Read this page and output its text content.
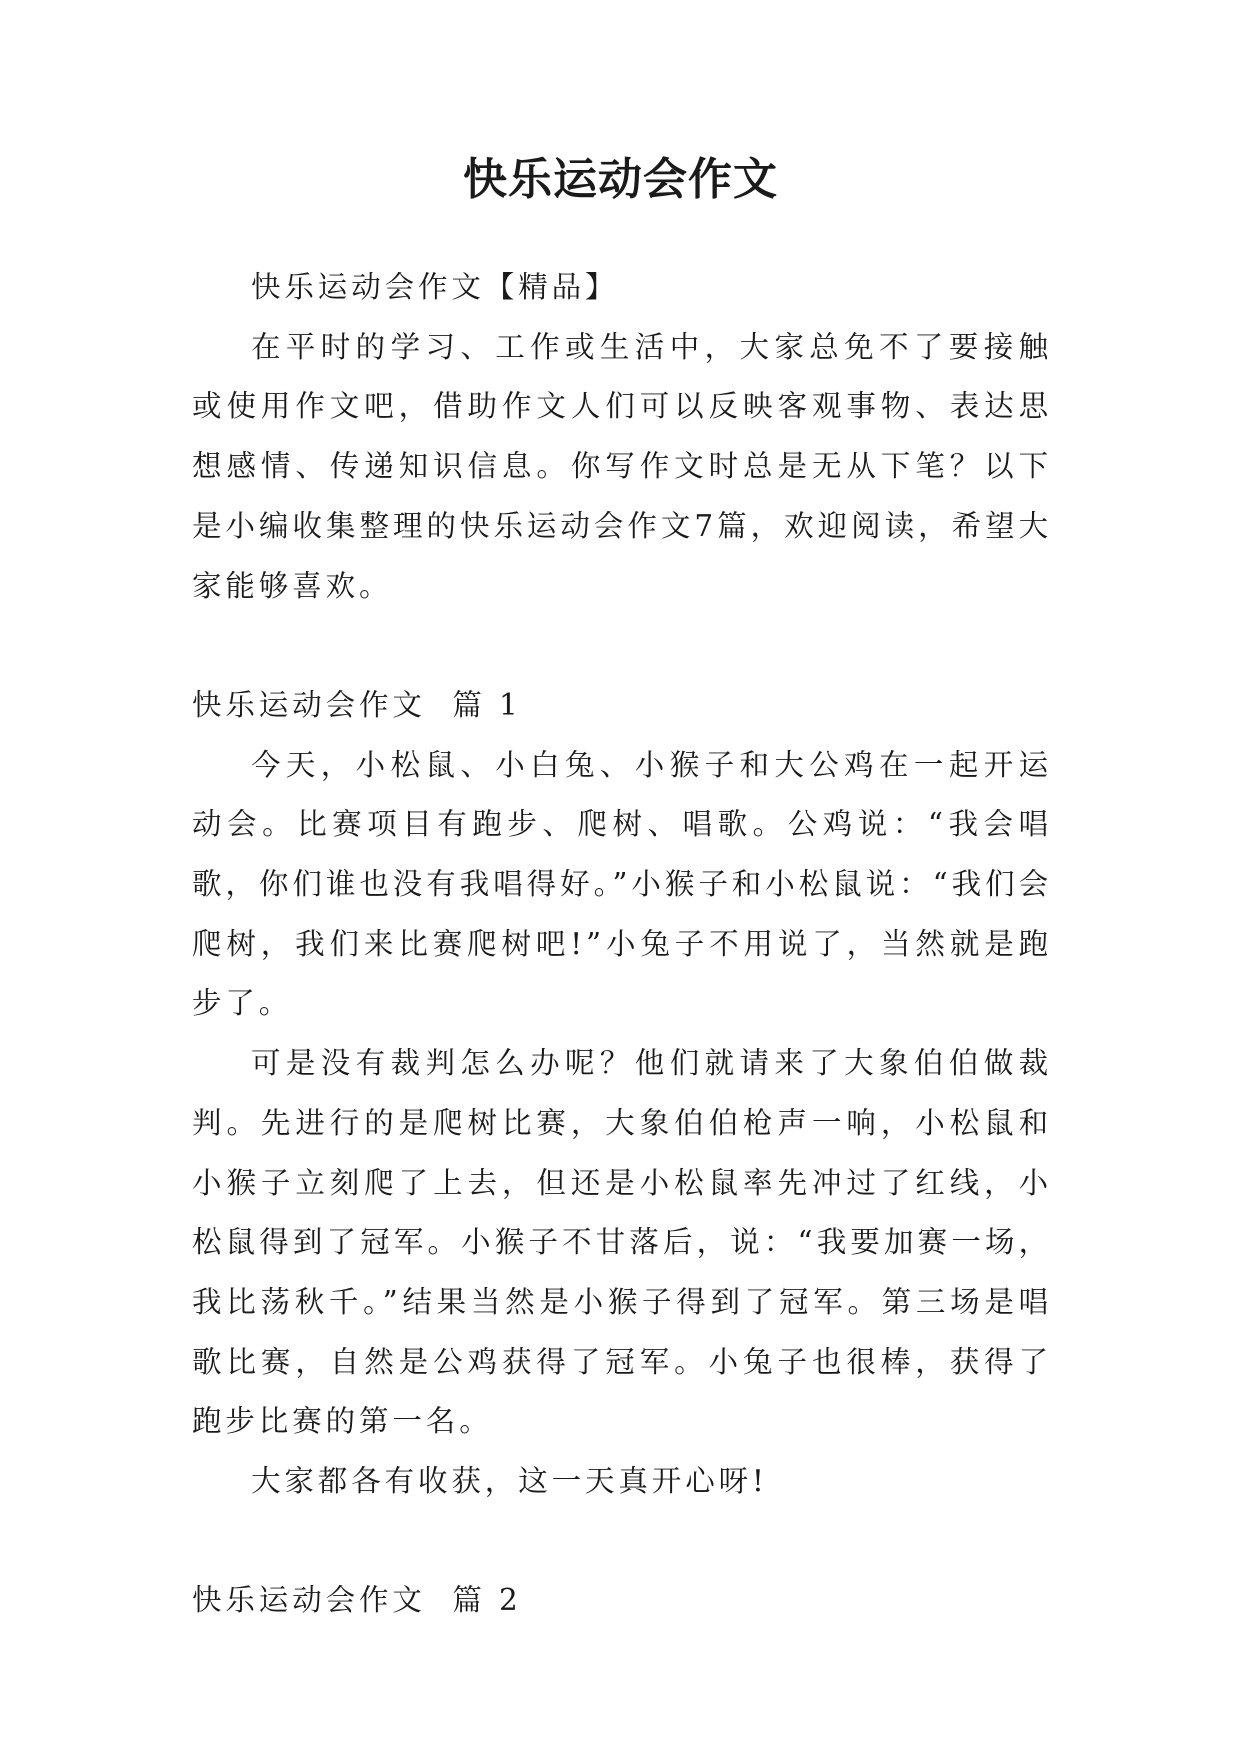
快乐运动会作文

快乐运动会作文【精品】

在平时的学习、工作或生活中，大家总免不了要接触或使用作文吧，借助作文人们可以反映客观事物、表达思想感情、传递知识信息。你写作文时总是无从下笔？以下是小编收集整理的快乐运动会作文7篇，欢迎阅读，希望大家能够喜欢。

快乐运动会作文  篇 1

今天，小松鼠、小白兔、小猴子和大公鸡在一起开运动会。比赛项目有跑步、爬树、唱歌。公鸡说：“我会唱歌，你们谁也没有我唱得好。”小猴子和小松鼠说：“我们会爬树，我们来比赛爬树吧!”小兔子不用说了，当然就是跑步了。

可是没有裁判怎么办呢？他们就请来了大象伯伯做裁判。先进行的是爬树比赛，大象伯伯枪声一响，小松鼠和小猴子立刻爬了上去，但还是小松鼠率先冲过了红线，小松鼠得到了冠军。小猴子不甘落后，说：“我要加赛一场，我比荡秋千。”结果当然是小猴子得到了冠军。第三场是唱歌比赛，自然是公鸡获得了冠军。小兔子也很棒，获得了跑步比赛的第一名。

大家都各有收获，这一天真开心呀!

快乐运动会作文  篇 2
